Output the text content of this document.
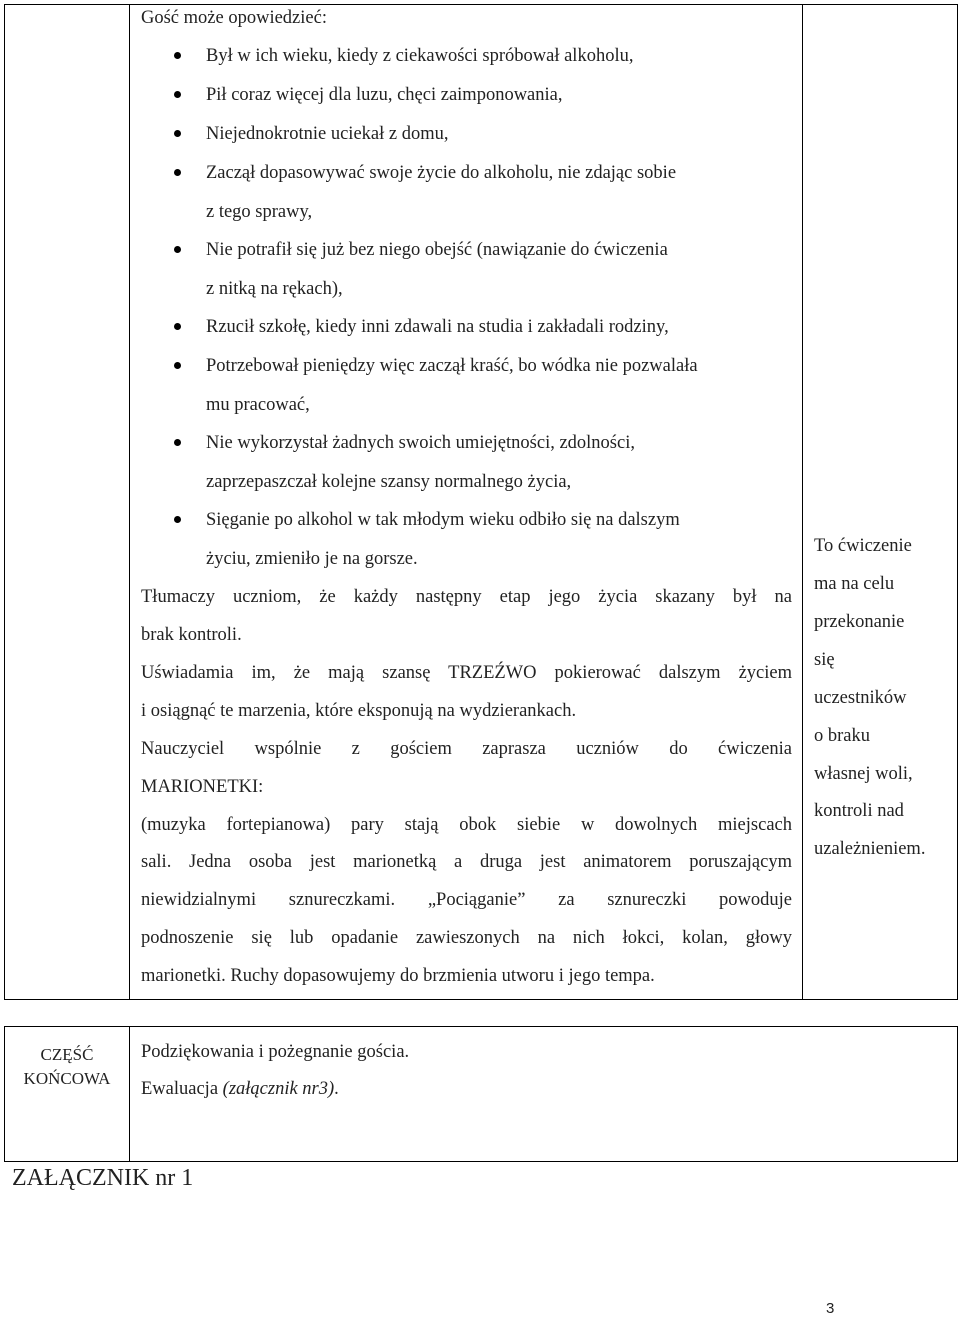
Gość może opowiedzieć:
Był w ich wieku, kiedy z ciekawości spróbował alkoholu,
Pił coraz więcej dla luzu, chęci zaimponowania,
Niejednokrotnie uciekał z domu,
Zaczął dopasowywać swoje życie do alkoholu, nie zdając sobie
z tego sprawy,
Nie potrafił się już bez niego obejść (nawiązanie do ćwiczenia
z nitką na rękach),
Rzucił szkołę, kiedy inni zdawali na studia i zakładali rodziny,
Potrzebował pieniędzy więc zaczął kraść, bo wódka nie pozwalała
mu pracować,
Nie wykorzystał żadnych swoich umiejętności, zdolności,
zaprzepaszczał kolejne szansy normalnego życia,
Sięganie po alkohol w tak młodym wieku odbiło się na dalszym
życiu, zmieniło je na gorsze.
Tłumaczy uczniom, że każdy następny etap jego życia skazany był na
brak kontroli.
Uświadamia im, że mają szansę TRZEŹWO pokierować dalszym życiem
i osiągnąć te marzenia, które eksponują na wydzierankach.
Nauczyciel wspólnie z gościem zaprasza uczniów do ćwiczenia
MARIONETKI:
(muzyka fortepianowa) pary stają obok siebie w dowolnych miejscach
sali. Jedna osoba jest marionetką a druga jest animatorem poruszającym
niewidzialnymi sznureczkami. „Pociąganie” za sznureczki powoduje
podnoszenie się lub opadanie zawieszonych na nich łokci, kolan, głowy
marionetki. Ruchy dopasowujemy do brzmienia utworu i jego tempa.
To ćwiczenie
ma na celu
przekonanie
się
uczestników
o braku
własnej woli,
kontroli nad
uzależnieniem.
CZĘŚĆ
KOŃCOWA
Podziękowania i pożegnanie gościa.
Ewaluacja (załącznik nr3).
ZAŁĄCZNIK nr 1
3
